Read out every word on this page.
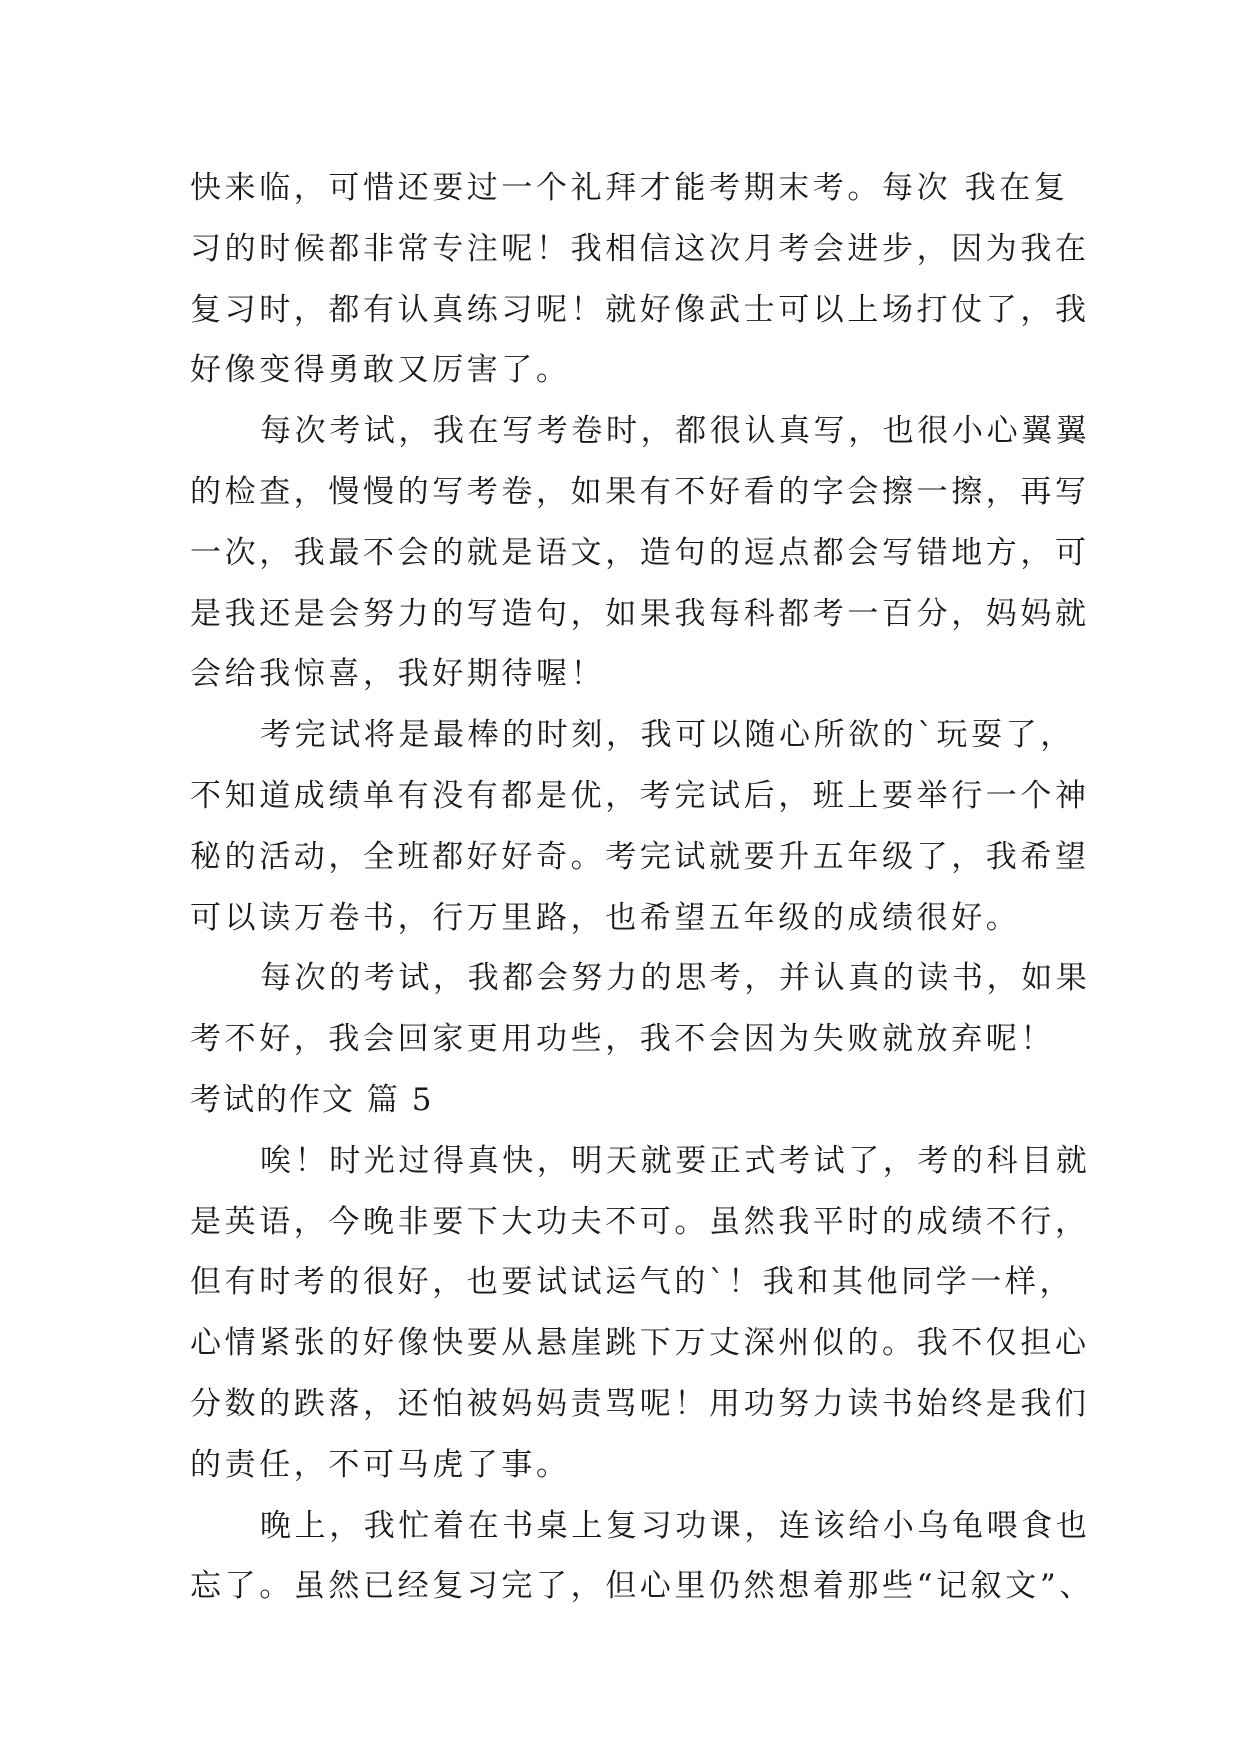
快来临，可惜还要过一个礼拜才能考期末考。每次 我在复
习的时候都非常专注呢！我相信这次月考会进步，因为我在
复习时，都有认真练习呢！就好像武士可以上场打仗了，我
好像变得勇敢又厉害了。
每次考试，我在写考卷时，都很认真写，也很小心翼翼
的检查，慢慢的写考卷，如果有不好看的字会擦一擦，再写
一次，我最不会的就是语文，造句的逗点都会写错地方，可
是我还是会努力的写造句，如果我每科都考一百分，妈妈就
会给我惊喜，我好期待喔！
考完试将是最棒的时刻，我可以随心所欲的`玩耍了，
不知道成绩单有没有都是优，考完试后，班上要举行一个神
秘的活动，全班都好好奇。考完试就要升五年级了，我希望
可以读万卷书，行万里路，也希望五年级的成绩很好。
每次的考试，我都会努力的思考，并认真的读书，如果
考不好，我会回家更用功些，我不会因为失败就放弃呢！
考试的作文 篇 5
唉！时光过得真快，明天就要正式考试了，考的科目就
是英语，今晚非要下大功夫不可。虽然我平时的成绩不行，
但有时考的很好，也要试试运气的`！我和其他同学一样，
心情紧张的好像快要从悬崖跳下万丈深州似的。我不仅担心
分数的跌落，还怕被妈妈责骂呢！用功努力读书始终是我们
的责任，不可马虎了事。
晚上，我忙着在书桌上复习功课，连该给小乌龟喂食也
忘了。虽然已经复习完了，但心里仍然想着那些“记叙文”、
